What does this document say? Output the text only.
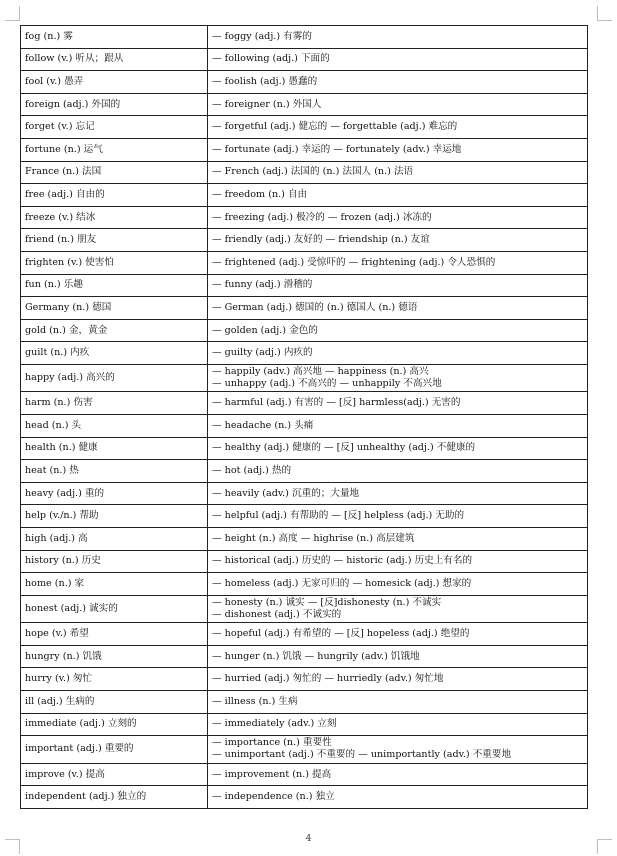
fog (n.) 雾	— foggy (adj.) 有雾的

follow (v.) 听从；跟从	— following (adj.) 下面的

fool (v.) 愚弄	— foolish (adj.) 愚蠢的

foreign (adj.) 外国的	— foreigner (n.) 外国人

forget (v.) 忘记	— forgetful (adj.) 健忘的 — forgettable (adj.) 难忘的

fortune (n.) 运气	— fortunate (adj.) 幸运的 — fortunately (adv.) 幸运地

France (n.) 法国	— French (adj.) 法国的 (n.) 法国人 (n.) 法语

free (adj.) 自由的	— freedom (n.) 自由

freeze (v.) 结冰	— freezing (adj.) 极冷的 — frozen (adj.) 冰冻的

friend (n.) 朋友	— friendly (adj.) 友好的 — friendship (n.) 友谊

frighten (v.) 使害怕	— frightened (adj.) 受惊吓的 — frightening (adj.) 令人恐惧的

fun (n.) 乐趣	— funny (adj.) 滑稽的

Germany (n.) 德国	— German (adj.) 德国的 (n.) 德国人 (n.) 德语

gold (n.) 金，黄金	— golden (adj.) 金色的

guilt (n.) 内疚	— guilty (adj.) 内疚的

happy (adj.) 高兴的	— happily (adv.) 高兴地 — happiness (n.) 高兴
— unhappy (adj.) 不高兴的 — unhappily 不高兴地

harm (n.) 伤害	— harmful (adj.) 有害的 — [反] harmless(adj.) 无害的

head (n.) 头	— headache (n.) 头痛

health (n.) 健康	— healthy (adj.) 健康的 — [反] unhealthy (adj.) 不健康的

heat (n.) 热	— hot (adj.) 热的

heavy (adj.) 重的	— heavily (adv.) 沉重的；大量地

help (v./n.) 帮助	— helpful (adj.) 有帮助的 — [反] helpless (adj.) 无助的

high (adj.) 高	— height (n.) 高度 — highrise (n.) 高层建筑

history (n.) 历史	— historical (adj.) 历史的 — historic (adj.) 历史上有名的

home (n.) 家	— homeless (adj.) 无家可归的 — homesick (adj.) 想家的

honest (adj.) 诚实的	— honesty (n.) 诚实 — [反]dishonesty (n.) 不诚实
— dishonest (adj.) 不诚实的

hope (v.) 希望	— hopeful (adj.) 有希望的 — [反] hopeless (adj.) 绝望的

hungry (n.) 饥饿	— hunger (n.) 饥饿 — hungrily (adv.) 饥饿地

hurry (v.) 匆忙	— hurried (adj.) 匆忙的 — hurriedly (adv.) 匆忙地

ill (adj.) 生病的	— illness (n.) 生病

immediate (adj.) 立刻的	— immediately (adv.) 立刻

important (adj.) 重要的	— importance (n.) 重要性
— unimportant (adj.) 不重要的 — unimportantly (adv.) 不重要地

improve (v.) 提高	— improvement (n.) 提高

independent (adj.) 独立的	— independence (n.) 独立
4
